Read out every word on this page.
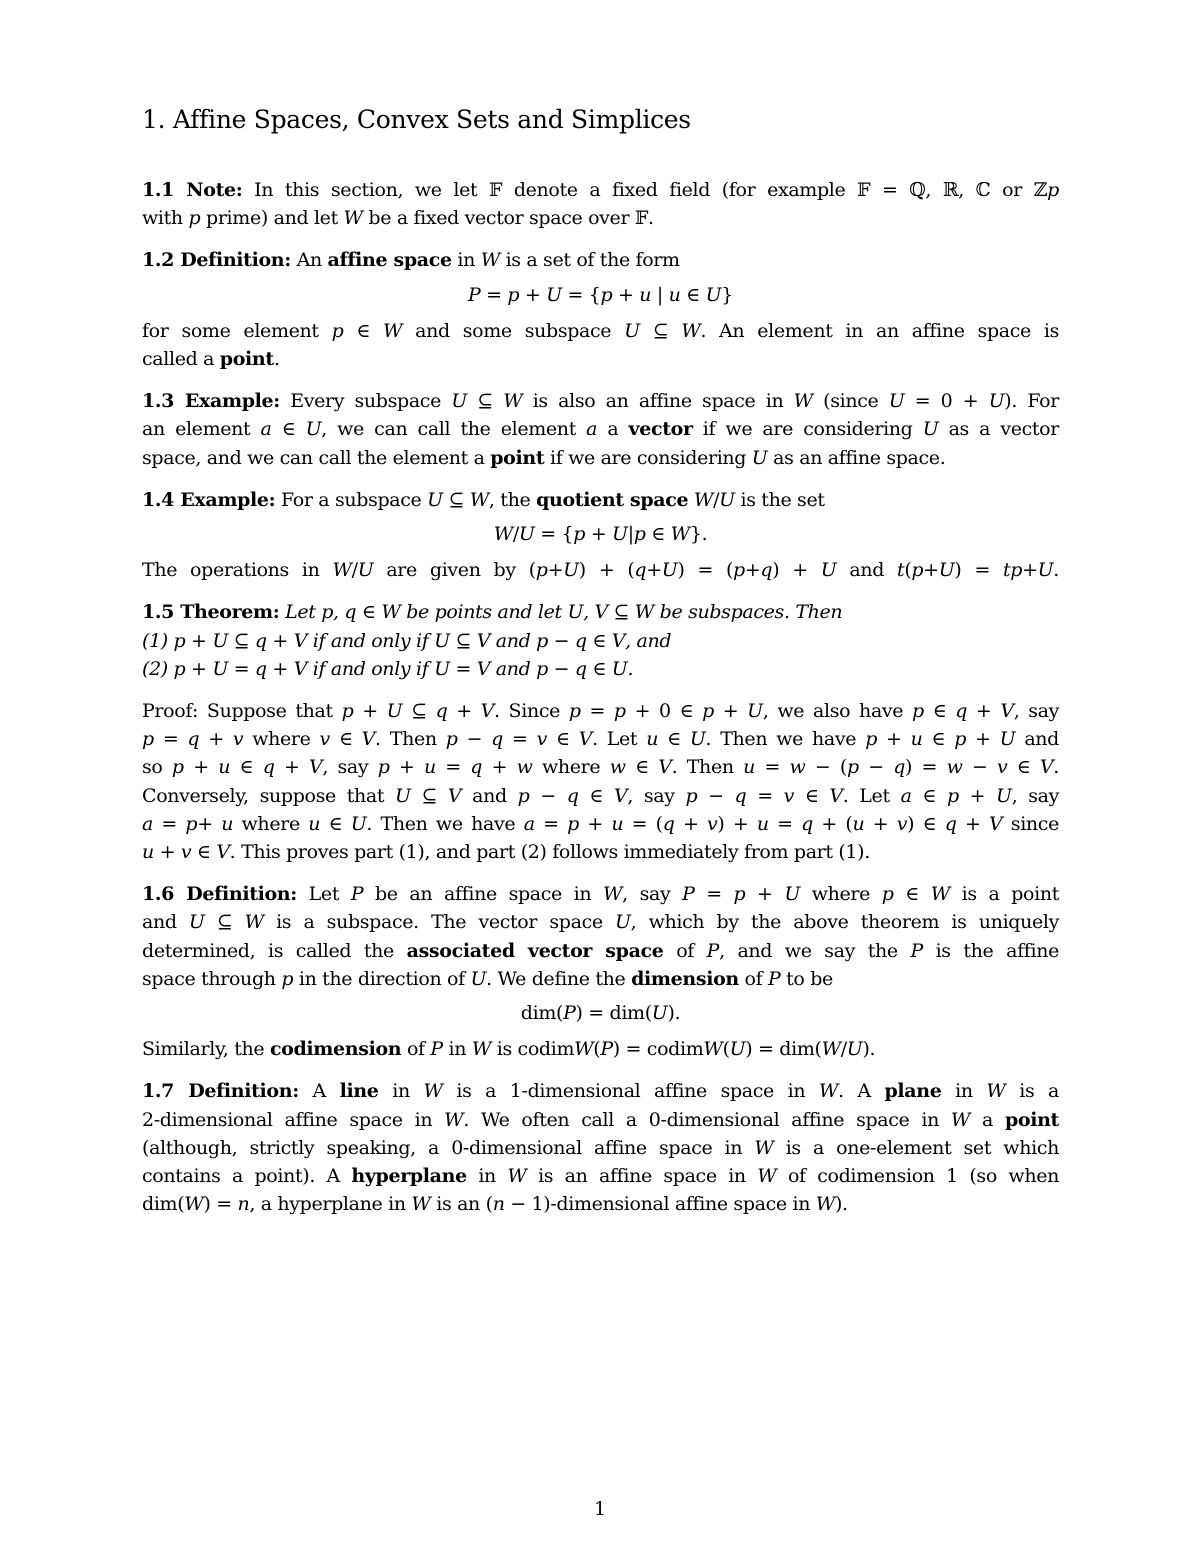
1. Affine Spaces, Convex Sets and Simplices
1.1 Note: In this section, we let 𝔽 denote a fixed field (for example 𝔽 = ℚ, ℝ, ℂ or ℤ𝑝
with 𝑝 prime) and let 𝑊 be a fixed vector space over 𝔽.
1.2 Definition: An affine space in 𝑊 is a set of the form
𝑃 = 𝑝 + 𝑈 = {𝑝 + 𝑢 | 𝑢 ∈ 𝑈}
for some element 𝑝 ∈ 𝑊 and some subspace 𝑈 ⊆ 𝑊. An element in an affine space is
called a point.
1.3 Example: Every subspace 𝑈 ⊆ 𝑊 is also an affine space in 𝑊 (since 𝑈 = 0 + 𝑈). For
an element 𝑎 ∈ 𝑈, we can call the element 𝑎 a vector if we are considering 𝑈 as a vector
space, and we can call the element a point if we are considering 𝑈 as an affine space.
1.4 Example: For a subspace 𝑈 ⊆ 𝑊, the quotient space 𝑊/𝑈 is the set
𝑊/𝑈 = {𝑝 + 𝑈|𝑝 ∈ 𝑊}.
The operations in 𝑊/𝑈 are given by (𝑝+𝑈) + (𝑞+𝑈) = (𝑝+𝑞) + 𝑈 and 𝑡(𝑝+𝑈) = 𝑡𝑝+𝑈.
1.5 Theorem: Let 𝑝, 𝑞 ∈ 𝑊 be points and let 𝑈, 𝑉 ⊆ 𝑊 be subspaces. Then
(1) 𝑝 + 𝑈 ⊆ 𝑞 + 𝑉 if and only if 𝑈 ⊆ 𝑉 and 𝑝 − 𝑞 ∈ 𝑉, and
(2) 𝑝 + 𝑈 = 𝑞 + 𝑉 if and only if 𝑈 = 𝑉 and 𝑝 − 𝑞 ∈ 𝑈.
Proof: Suppose that 𝑝 + 𝑈 ⊆ 𝑞 + 𝑉. Since 𝑝 = 𝑝 + 0 ∈ 𝑝 + 𝑈, we also have 𝑝 ∈ 𝑞 + 𝑉, say
𝑝 = 𝑞 + 𝑣 where 𝑣 ∈ 𝑉. Then 𝑝 − 𝑞 = 𝑣 ∈ 𝑉. Let 𝑢 ∈ 𝑈. Then we have 𝑝 + 𝑢 ∈ 𝑝 + 𝑈 and
so 𝑝 + 𝑢 ∈ 𝑞 + 𝑉, say 𝑝 + 𝑢 = 𝑞 + 𝑤 where 𝑤 ∈ 𝑉. Then 𝑢 = 𝑤 − (𝑝 − 𝑞) = 𝑤 − 𝑣 ∈ 𝑉.
Conversely, suppose that 𝑈 ⊆ 𝑉 and 𝑝 − 𝑞 ∈ 𝑉, say 𝑝 − 𝑞 = 𝑣 ∈ 𝑉. Let 𝑎 ∈ 𝑝 + 𝑈, say
𝑎 = 𝑝+ 𝑢 where 𝑢 ∈ 𝑈. Then we have 𝑎 = 𝑝 + 𝑢 = (𝑞 + 𝑣) + 𝑢 = 𝑞 + (𝑢 + 𝑣) ∈ 𝑞 + 𝑉 since
𝑢 + 𝑣 ∈ 𝑉. This proves part (1), and part (2) follows immediately from part (1).
1.6 Definition: Let 𝑃 be an affine space in 𝑊, say 𝑃 = 𝑝 + 𝑈 where 𝑝 ∈ 𝑊 is a point
and 𝑈 ⊆ 𝑊 is a subspace. The vector space 𝑈, which by the above theorem is uniquely
determined, is called the associated vector space of 𝑃, and we say the 𝑃 is the affine
space through 𝑝 in the direction of 𝑈. We define the dimension of 𝑃 to be
dim(𝑃) = dim(𝑈).
Similarly, the codimension of 𝑃 in 𝑊 is codim𝑊(𝑃) = codim𝑊(𝑈) = dim(𝑊/𝑈).
1.7 Definition: A line in 𝑊 is a 1-dimensional affine space in 𝑊. A plane in 𝑊 is a
2-dimensional affine space in 𝑊. We often call a 0-dimensional affine space in 𝑊 a point
(although, strictly speaking, a 0-dimensional affine space in 𝑊 is a one-element set which
contains a point). A hyperplane in 𝑊 is an affine space in 𝑊 of codimension 1 (so when
dim(𝑊) = 𝑛, a hyperplane in 𝑊 is an (𝑛 − 1)-dimensional affine space in 𝑊).
1
